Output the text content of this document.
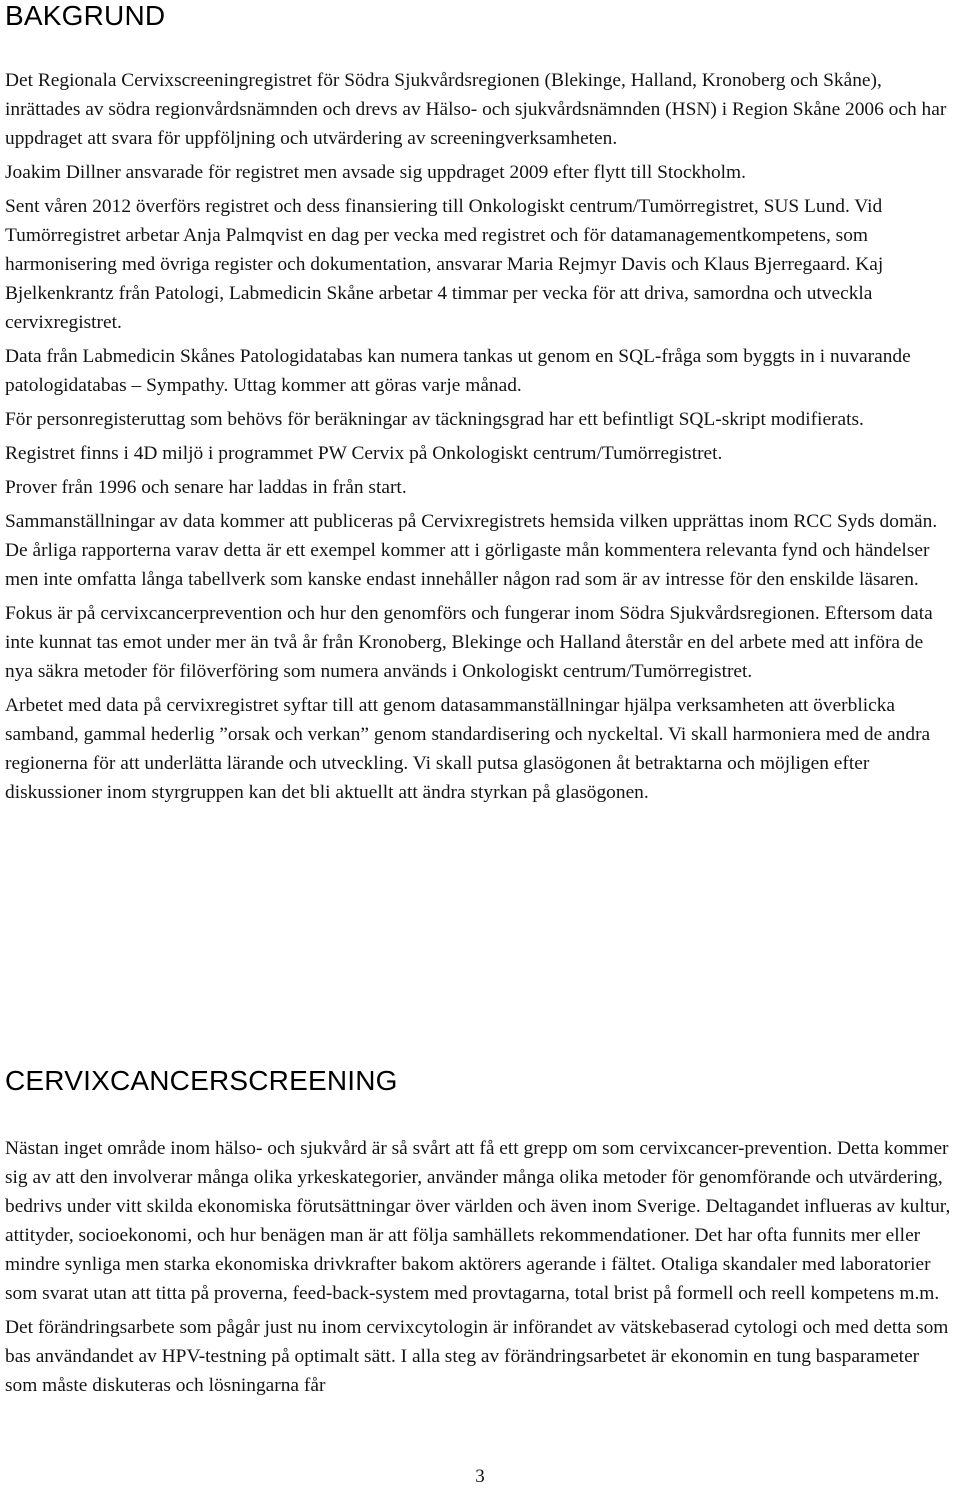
BAKGRUND

Det Regionala Cervixscreeningregistret för Södra Sjukvårdsregionen (Blekinge, Halland, Kronoberg och Skåne), inrättades av södra regionvårdsnämnden och drevs av Hälso- och sjukvårdsnämnden (HSN) i Region Skåne 2006 och har uppdraget att svara för uppföljning och utvärdering av screeningverksamheten.

Joakim Dillner ansvarade för registret men avsade sig uppdraget 2009 efter flytt till Stockholm.

Sent våren 2012 överförs registret och dess finansiering till Onkologiskt centrum/Tumörregistret, SUS Lund. Vid Tumörregistret arbetar Anja Palmqvist en dag per vecka med registret och för datamanagementkompetens, som harmonisering med övriga register och dokumentation, ansvarar Maria Rejmyr Davis och Klaus Bjerregaard. Kaj Bjelkenkrantz från Patologi, Labmedicin Skåne arbetar 4 timmar per vecka för att driva, samordna och utveckla cervixregistret.

Data från Labmedicin Skånes Patologidatabas kan numera tankas ut genom en SQL-fråga som byggts in i nuvarande patologidatabas – Sympathy. Uttag kommer att göras varje månad.

För personregisteruttag som behövs för beräkningar av täckningsgrad har ett befintligt SQL-skript modifierats.

Registret finns i 4D miljö i programmet PW Cervix på Onkologiskt centrum/Tumörregistret.

Prover från 1996 och senare har laddas in från start.

Sammanställningar av data kommer att publiceras på Cervixregistrets hemsida vilken upprättas inom RCC Syds domän. De årliga rapporterna varav detta är ett exempel kommer att i görligaste mån kommentera relevanta fynd och händelser men inte omfatta långa tabellverk som kanske endast innehåller någon rad som är av intresse för den enskilde läsaren.

Fokus är på cervixcancerprevention och hur den genomförs och fungerar inom Södra Sjukvårdsregionen. Eftersom data inte kunnat tas emot under mer än två år från Kronoberg, Blekinge och Halland återstår en del arbete med att införa de nya säkra metoder för filöverföring som numera används i Onkologiskt centrum/Tumörregistret.

Arbetet med data på cervixregistret syftar till att genom datasammanställningar hjälpa verksamheten att överblicka samband, gammal hederlig ”orsak och verkan” genom standardisering och nyckeltal. Vi skall harmoniera med de andra regionerna för att underlätta lärande och utveckling. Vi skall putsa glasögonen åt betraktarna och möjligen efter diskussioner inom styrgruppen kan det bli aktuellt att ändra styrkan på glasögonen.

CERVIXCANCERSCREENING

Nästan inget område inom hälso- och sjukvård är så svårt att få ett grepp om som cervixcancer-prevention. Detta kommer sig av att den involverar många olika yrkeskategorier, använder många olika metoder för genomförande och utvärdering, bedrivs under vitt skilda ekonomiska förutsättningar över världen och även inom Sverige. Deltagandet influeras av kultur, attityder, socioekonomi, och hur benägen man är att följa samhällets rekommendationer. Det har ofta funnits mer eller mindre synliga men starka ekonomiska drivkrafter bakom aktörers agerande i fältet. Otaliga skandaler med laboratorier som svarat utan att titta på proverna, feed-back-system med provtagarna, total brist på formell och reell kompetens m.m.

Det förändringsarbete som pågår just nu inom cervixcytologin är införandet av vätskebaserad cytologi och med detta som bas användandet av HPV-testning på optimalt sätt. I alla steg av förändringsarbetet är ekonomin en tung basparameter som måste diskuteras och lösningarna får

3
